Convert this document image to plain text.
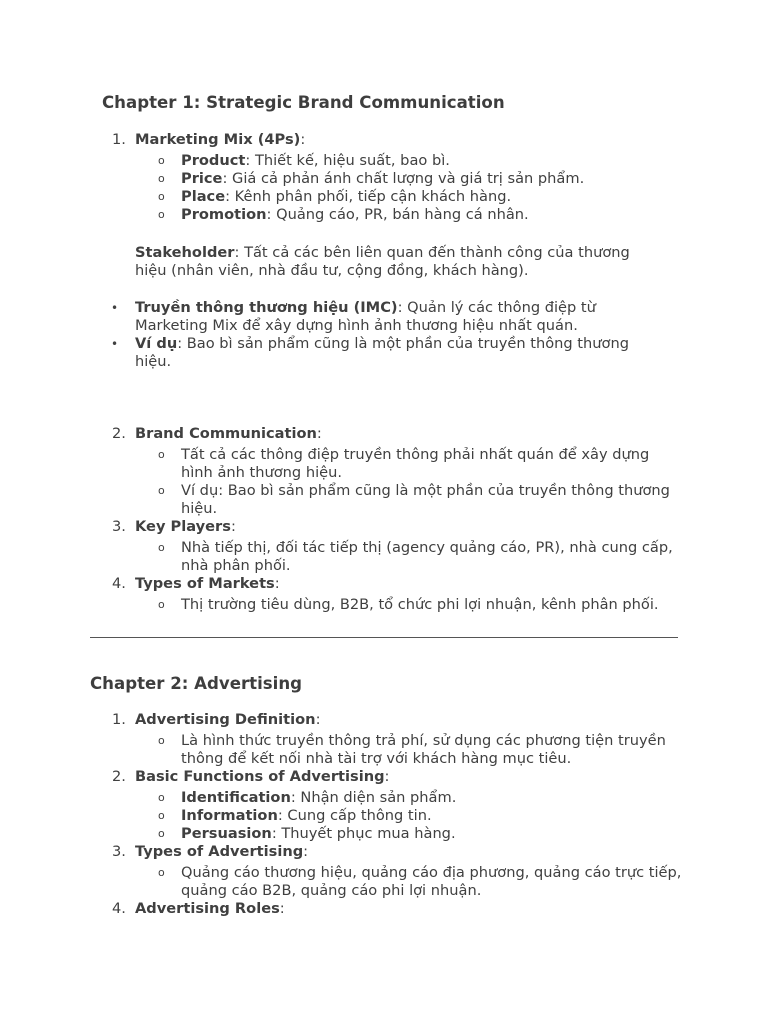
Chapter 1: Strategic Brand Communication
1. Marketing Mix (4Ps):
o Product: Thiết kế, hiệu suất, bao bì.
o Price: Giá cả phản ánh chất lượng và giá trị sản phẩm.
o Place: Kênh phân phối, tiếp cận khách hàng.
o Promotion: Quảng cáo, PR, bán hàng cá nhân.
Stakeholder: Tất cả các bên liên quan đến thành công của thương hiệu (nhân viên, nhà đầu tư, cộng đồng, khách hàng).
• Truyền thông thương hiệu (IMC): Quản lý các thông điệp từ Marketing Mix để xây dựng hình ảnh thương hiệu nhất quán.
• Ví dụ: Bao bì sản phẩm cũng là một phần của truyền thông thương hiệu.
2. Brand Communication:
o Tất cả các thông điệp truyền thông phải nhất quán để xây dựng hình ảnh thương hiệu.
o Ví dụ: Bao bì sản phẩm cũng là một phần của truyền thông thương hiệu.
3. Key Players:
o Nhà tiếp thị, đối tác tiếp thị (agency quảng cáo, PR), nhà cung cấp, nhà phân phối.
4. Types of Markets:
o Thị trường tiêu dùng, B2B, tổ chức phi lợi nhuận, kênh phân phối.
Chapter 2: Advertising
1. Advertising Definition:
o Là hình thức truyền thông trả phí, sử dụng các phương tiện truyền thông để kết nối nhà tài trợ với khách hàng mục tiêu.
2. Basic Functions of Advertising:
o Identification: Nhận diện sản phẩm.
o Information: Cung cấp thông tin.
o Persuasion: Thuyết phục mua hàng.
3. Types of Advertising:
o Quảng cáo thương hiệu, quảng cáo địa phương, quảng cáo trực tiếp, quảng cáo B2B, quảng cáo phi lợi nhuận.
4. Advertising Roles:
